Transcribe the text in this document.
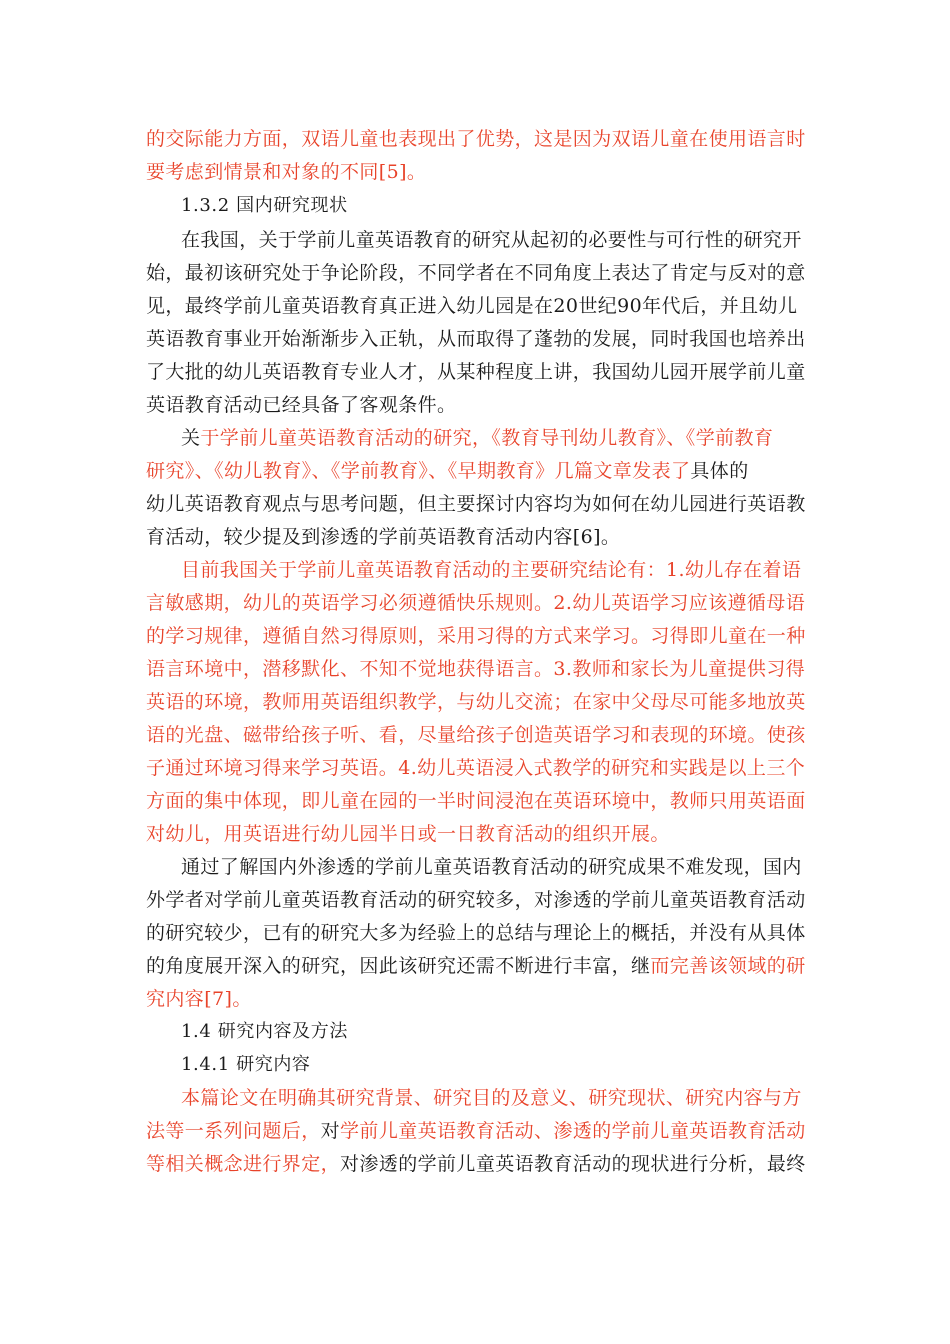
的交际能力方面，双语儿童也表现出了优势，这是因为双语儿童在使用语言时
要考虑到情景和对象的不同[5]。
1.3.2 国内研究现状
在我国，关于学前儿童英语教育的研究从起初的必要性与可行性的研究开
始，最初该研究处于争论阶段，不同学者在不同角度上表达了肯定与反对的意
见，最终学前儿童英语教育真正进入幼儿园是在20世纪90年代后，并且幼儿
英语教育事业开始渐渐步入正轨，从而取得了蓬勃的发展，同时我国也培养出
了大批的幼儿英语教育专业人才，从某种程度上讲，我国幼儿园开展学前儿童
英语教育活动已经具备了客观条件。
关于学前儿童英语教育活动的研究，《教育导刊幼儿教育》、《学前教育
研究》、《幼儿教育》、《学前教育》、《早期教育》几篇文章发表了具体的
幼儿英语教育观点与思考问题，但主要探讨内容均为如何在幼儿园进行英语教
育活动，较少提及到渗透的学前英语教育活动内容[6]。
目前我国关于学前儿童英语教育活动的主要研究结论有：1.幼儿存在着语
言敏感期，幼儿的英语学习必须遵循快乐规则。2.幼儿英语学习应该遵循母语
的学习规律，遵循自然习得原则，采用习得的方式来学习。习得即儿童在一种
语言环境中，潜移默化、不知不觉地获得语言。3.教师和家长为儿童提供习得
英语的环境，教师用英语组织教学，与幼儿交流；在家中父母尽可能多地放英
语的光盘、磁带给孩子听、看，尽量给孩子创造英语学习和表现的环境。使孩
子通过环境习得来学习英语。4.幼儿英语浸入式教学的研究和实践是以上三个
方面的集中体现，即儿童在园的一半时间浸泡在英语环境中，教师只用英语面
对幼儿，用英语进行幼儿园半日或一日教育活动的组织开展。
通过了解国内外渗透的学前儿童英语教育活动的研究成果不难发现，国内
外学者对学前儿童英语教育活动的研究较多，对渗透的学前儿童英语教育活动
的研究较少，已有的研究大多为经验上的总结与理论上的概括，并没有从具体
的角度展开深入的研究，因此该研究还需不断进行丰富，继而完善该领域的研
究内容[7]。
1.4 研究内容及方法
1.4.1 研究内容
本篇论文在明确其研究背景、研究目的及意义、研究现状、研究内容与方
法等一系列问题后，对学前儿童英语教育活动、渗透的学前儿童英语教育活动
等相关概念进行界定，对渗透的学前儿童英语教育活动的现状进行分析，最终
